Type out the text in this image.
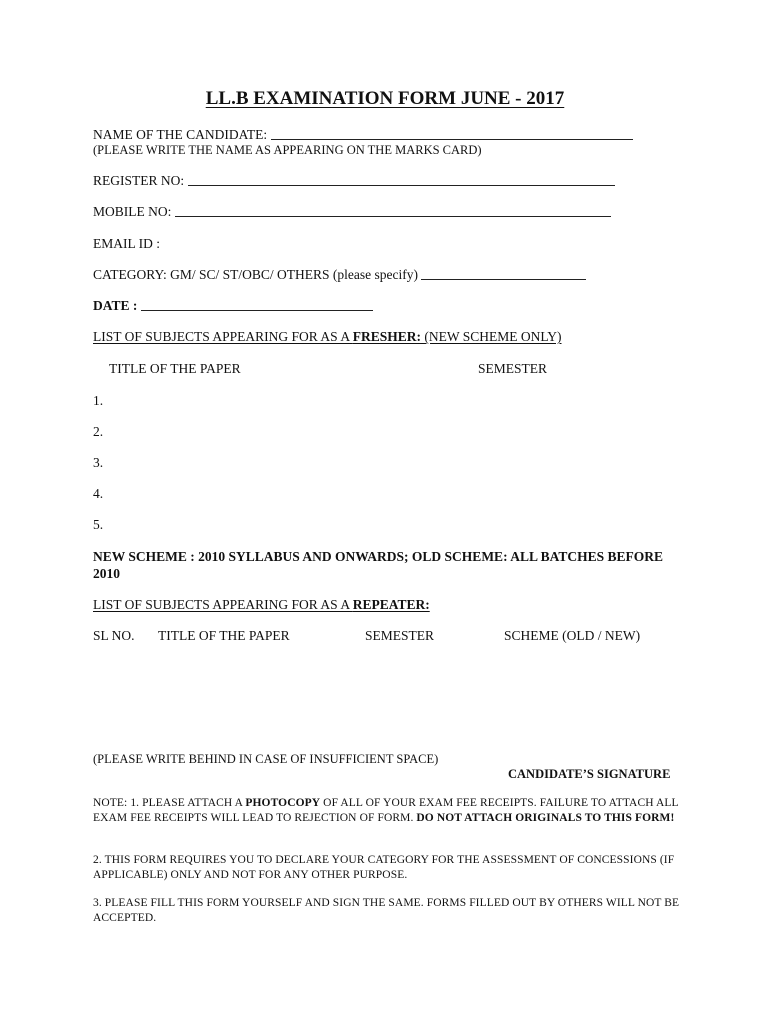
LL.B EXAMINATION FORM JUNE - 2017
NAME OF THE CANDIDATE:
(PLEASE WRITE THE NAME AS APPEARING ON THE MARKS CARD)
REGISTER NO:
MOBILE NO:
EMAIL ID :
CATEGORY: GM/ SC/ ST/OBC/ OTHERS (please specify)
DATE :
LIST OF SUBJECTS APPEARING FOR AS A FRESHER: (NEW SCHEME ONLY)
TITLE OF THE PAPER	SEMESTER
1.
2.
3.
4.
5.
NEW SCHEME : 2010 SYLLABUS AND ONWARDS; OLD SCHEME: ALL BATCHES BEFORE 2010
LIST OF SUBJECTS APPEARING FOR AS A REPEATER:
SL NO. TITLE OF THE PAPER	SEMESTER	SCHEME (OLD / NEW)
(PLEASE WRITE BEHIND IN CASE OF INSUFFICIENT SPACE)
CANDIDATE’S SIGNATURE
NOTE: 1. PLEASE ATTACH A PHOTOCOPY OF ALL OF YOUR EXAM FEE RECEIPTS. FAILURE TO ATTACH ALL EXAM FEE RECEIPTS WILL LEAD TO REJECTION OF FORM. DO NOT ATTACH ORIGINALS TO THIS FORM!
2. THIS FORM REQUIRES YOU TO DECLARE YOUR CATEGORY FOR THE ASSESSMENT OF CONCESSIONS (IF APPLICABLE) ONLY AND NOT FOR ANY OTHER PURPOSE.
3. PLEASE FILL THIS FORM YOURSELF AND SIGN THE SAME. FORMS FILLED OUT BY OTHERS WILL NOT BE ACCEPTED.
